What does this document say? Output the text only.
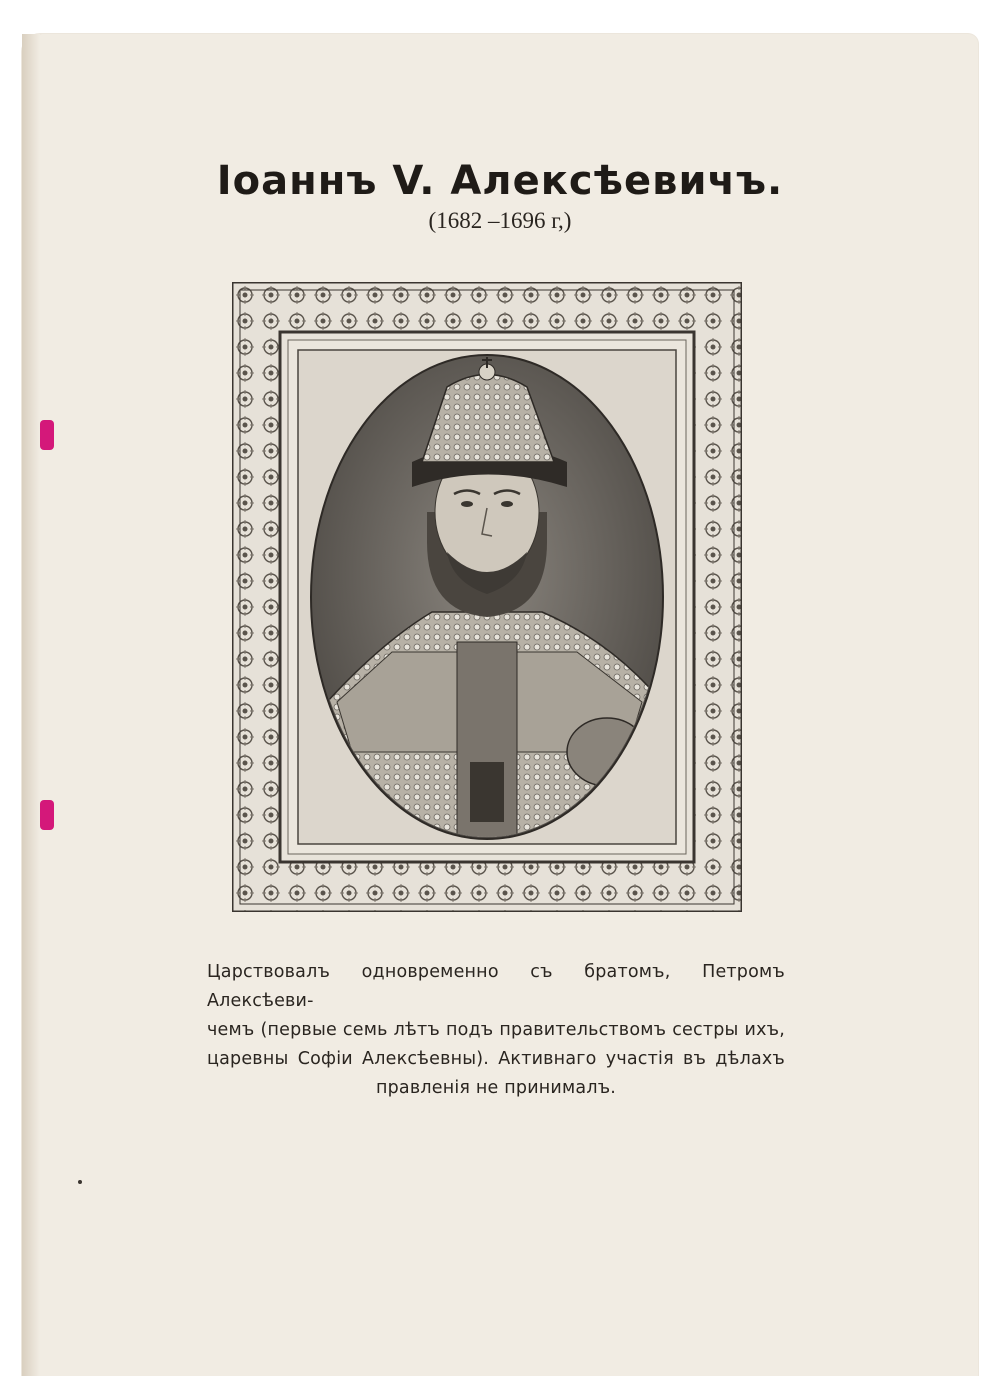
Іоаннъ V. Алексѣевичъ.
(1682 –1696 г,)
Царствовалъ одновременно съ братомъ, Петромъ Алексѣеви-
чемъ (первые семь лѣтъ подъ правительствомъ сестры ихъ,
царевны Софіи Алексѣевны). Активнаго участія въ дѣлахъ
правленія не принималъ.
